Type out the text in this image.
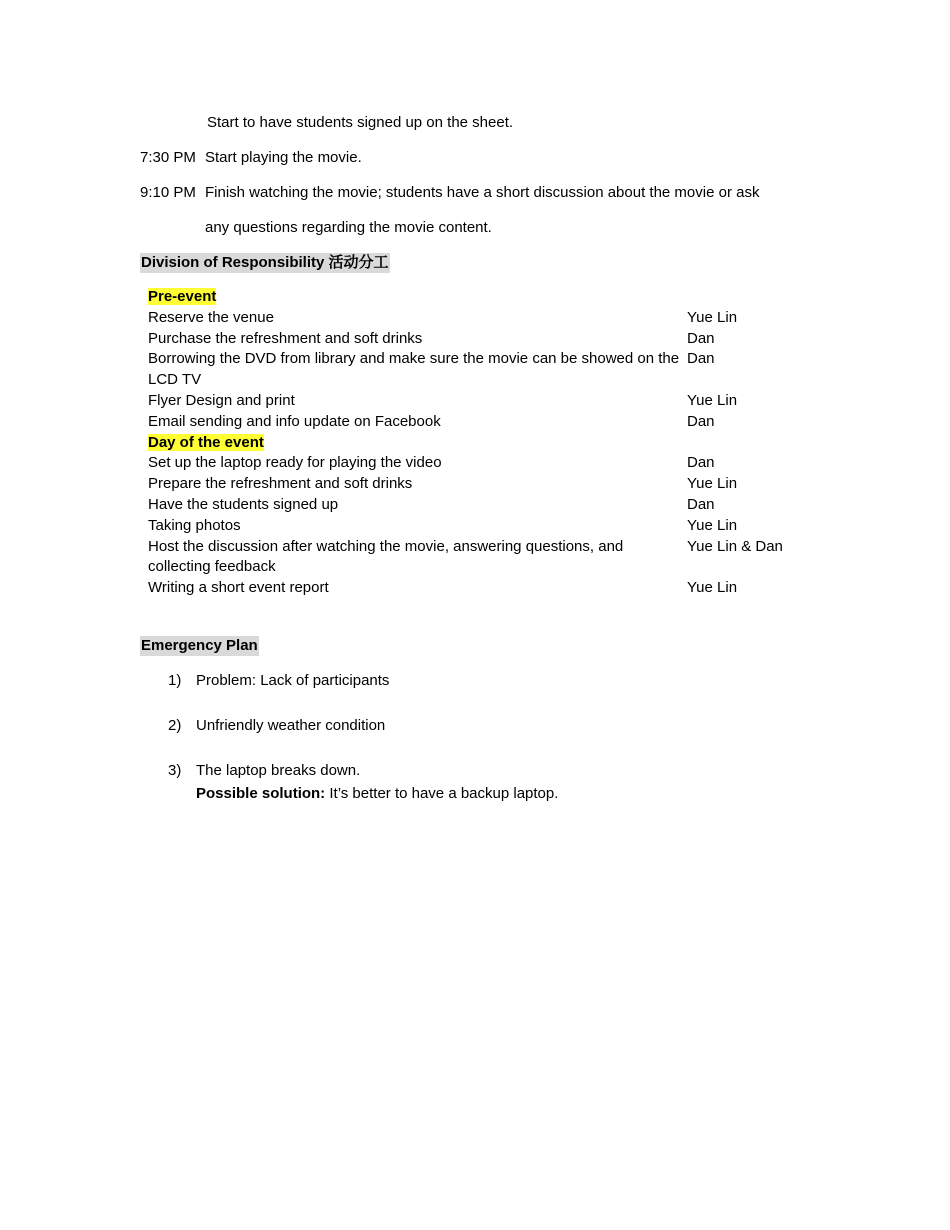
Start to have students signed up on the sheet.
7:30 PM Start playing the movie.
9:10 PM Finish watching the movie; students have a short discussion about the movie or ask
any questions regarding the movie content.
Division of Responsibility 活动分工
Pre-event	
Reserve the venue	Yue Lin
Purchase the refreshment and soft drinks	Dan
Borrowing the DVD from library and make sure the movie can be showed on the LCD TV	Dan
Flyer Design and print	Yue Lin
Email sending and info update on Facebook	Dan
Day of the event	
Set up the laptop ready for playing the video	Dan
Prepare the refreshment and soft drinks	Yue Lin
Have the students signed up	Dan
Taking photos	Yue Lin
Host the discussion after watching the movie, answering questions, and collecting feedback	Yue Lin & Dan
Writing a short event report	Yue Lin
Emergency Plan
1) Problem: Lack of participants
2) Unfriendly weather condition
3) The laptop breaks down.
Possible solution: It’s better to have a backup laptop.
